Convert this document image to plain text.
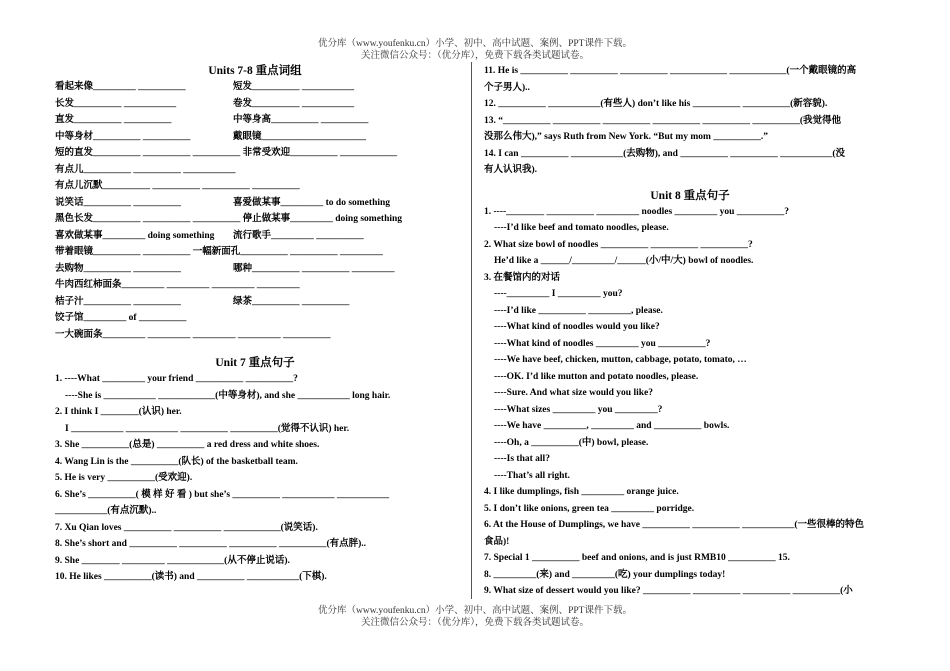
优分库（www.youfenku.cn）小学、初中、高中试题、案例、PPT课件下载。
关注微信公众号：（优分库），免费下载各类试题试卷。
Units 7-8 重点词组
看起来像_________ __________	短发__________ ___________
长发__________ ___________	卷发__________ ___________
直发__________ __________	中等身高__________ __________
中等身材__________ __________	戴眼镜______________________
短的直发__________ __________ __________ 非常受欢迎__________ ____________
有点儿__________ __________ ___________
有点儿沉默__________ __________ __________ __________
说笑话__________ __________	喜爱做某事_________ to do something
黑色长发__________ __________ __________ 停止做某事_________ doing something
喜欢做某事_________ doing something 流行歌手_________ __________
带着眼镜__________ __________ 一幅新面孔__________ __________ _________
去购物__________ __________	哪种__________ __________ _________
牛肉西红柿面条_________ _________ _________ _________
桔子汁__________ __________	绿茶__________ __________
饺子馆_________ of __________
一大碗面条_________ _________ _________ _________ __________
Unit 7 重点句子
1. ----What _________ your friend __________ __________?
----She is ___________ ____________(中等身材), and she ___________ long hair.
2. I think I ________(认识) her.
I ___________ ___________ __________ __________(觉得不认识) her.
3. She __________(总是) __________ a red dress and white shoes.
4. Wang Lin is the __________(队长) of the basketball team.
5. He is very __________(受欢迎).
6. She’s __________( 模 样 好 看 ) but she’s __________ ___________ ___________
___________(有点沉默)..
7. Xu Qian loves __________ __________ ____________(说笑话).
8. She’s short and __________ __________ __________ __________(有点胖)..
9. She ________ _________ ____________(从不停止说话).
10. He likes __________(读书) and __________ ___________(下棋).
11. He is __________ __________ __________ ____________ ____________(一个戴眼镜的高
个子男人)..
12. __________ ___________(有些人) don’t like his __________ __________(新容貌).
13. “__________ __________ __________ __________ __________ __________(我觉得他
没那么伟大),” says Ruth from New York. “But my mom __________.”
14. I can __________ ___________(去购物), and __________ __________ ___________(没
有人认识我).
Unit 8 重点句子
1. ----________ __________ _________ noodles _________ you __________?
----I’d like beef and tomato noodles, please.
2. What size bowl of noodles __________ __________ __________?
He’d like a ______/_________/______(小/中/大) bowl of noodles.
3. 在餐馆内的对话
----_________ I _________ you?
----I’d like __________ _________, please.
----What kind of noodles would you like?
----What kind of noodles _________ you __________?
----We have beef, chicken, mutton, cabbage, potato, tomato, …
----OK. I’d like mutton and potato noodles, please.
----Sure. And what size would you like?
----What sizes _________ you _________?
----We have _________, _________ and __________ bowls.
----Oh, a __________(中) bowl, please.
----Is that all?
----That’s all right.
4. I like dumplings, fish _________ orange juice.
5. I don’t like onions, green tea _________ porridge.
6. At the House of Dumplings, we have __________ __________ ___________(一些很棒的特色
食品)!
7. Special 1 __________ beef and onions, and is just RMB10 __________ 15.
8. _________(来) and _________(吃) your dumplings today!
9. What size of dessert would you like? __________ __________ __________ __________(小
优分库（www.youfenku.cn）小学、初中、高中试题、案例、PPT课件下载。
关注微信公众号：（优分库），免费下载各类试题试卷。
